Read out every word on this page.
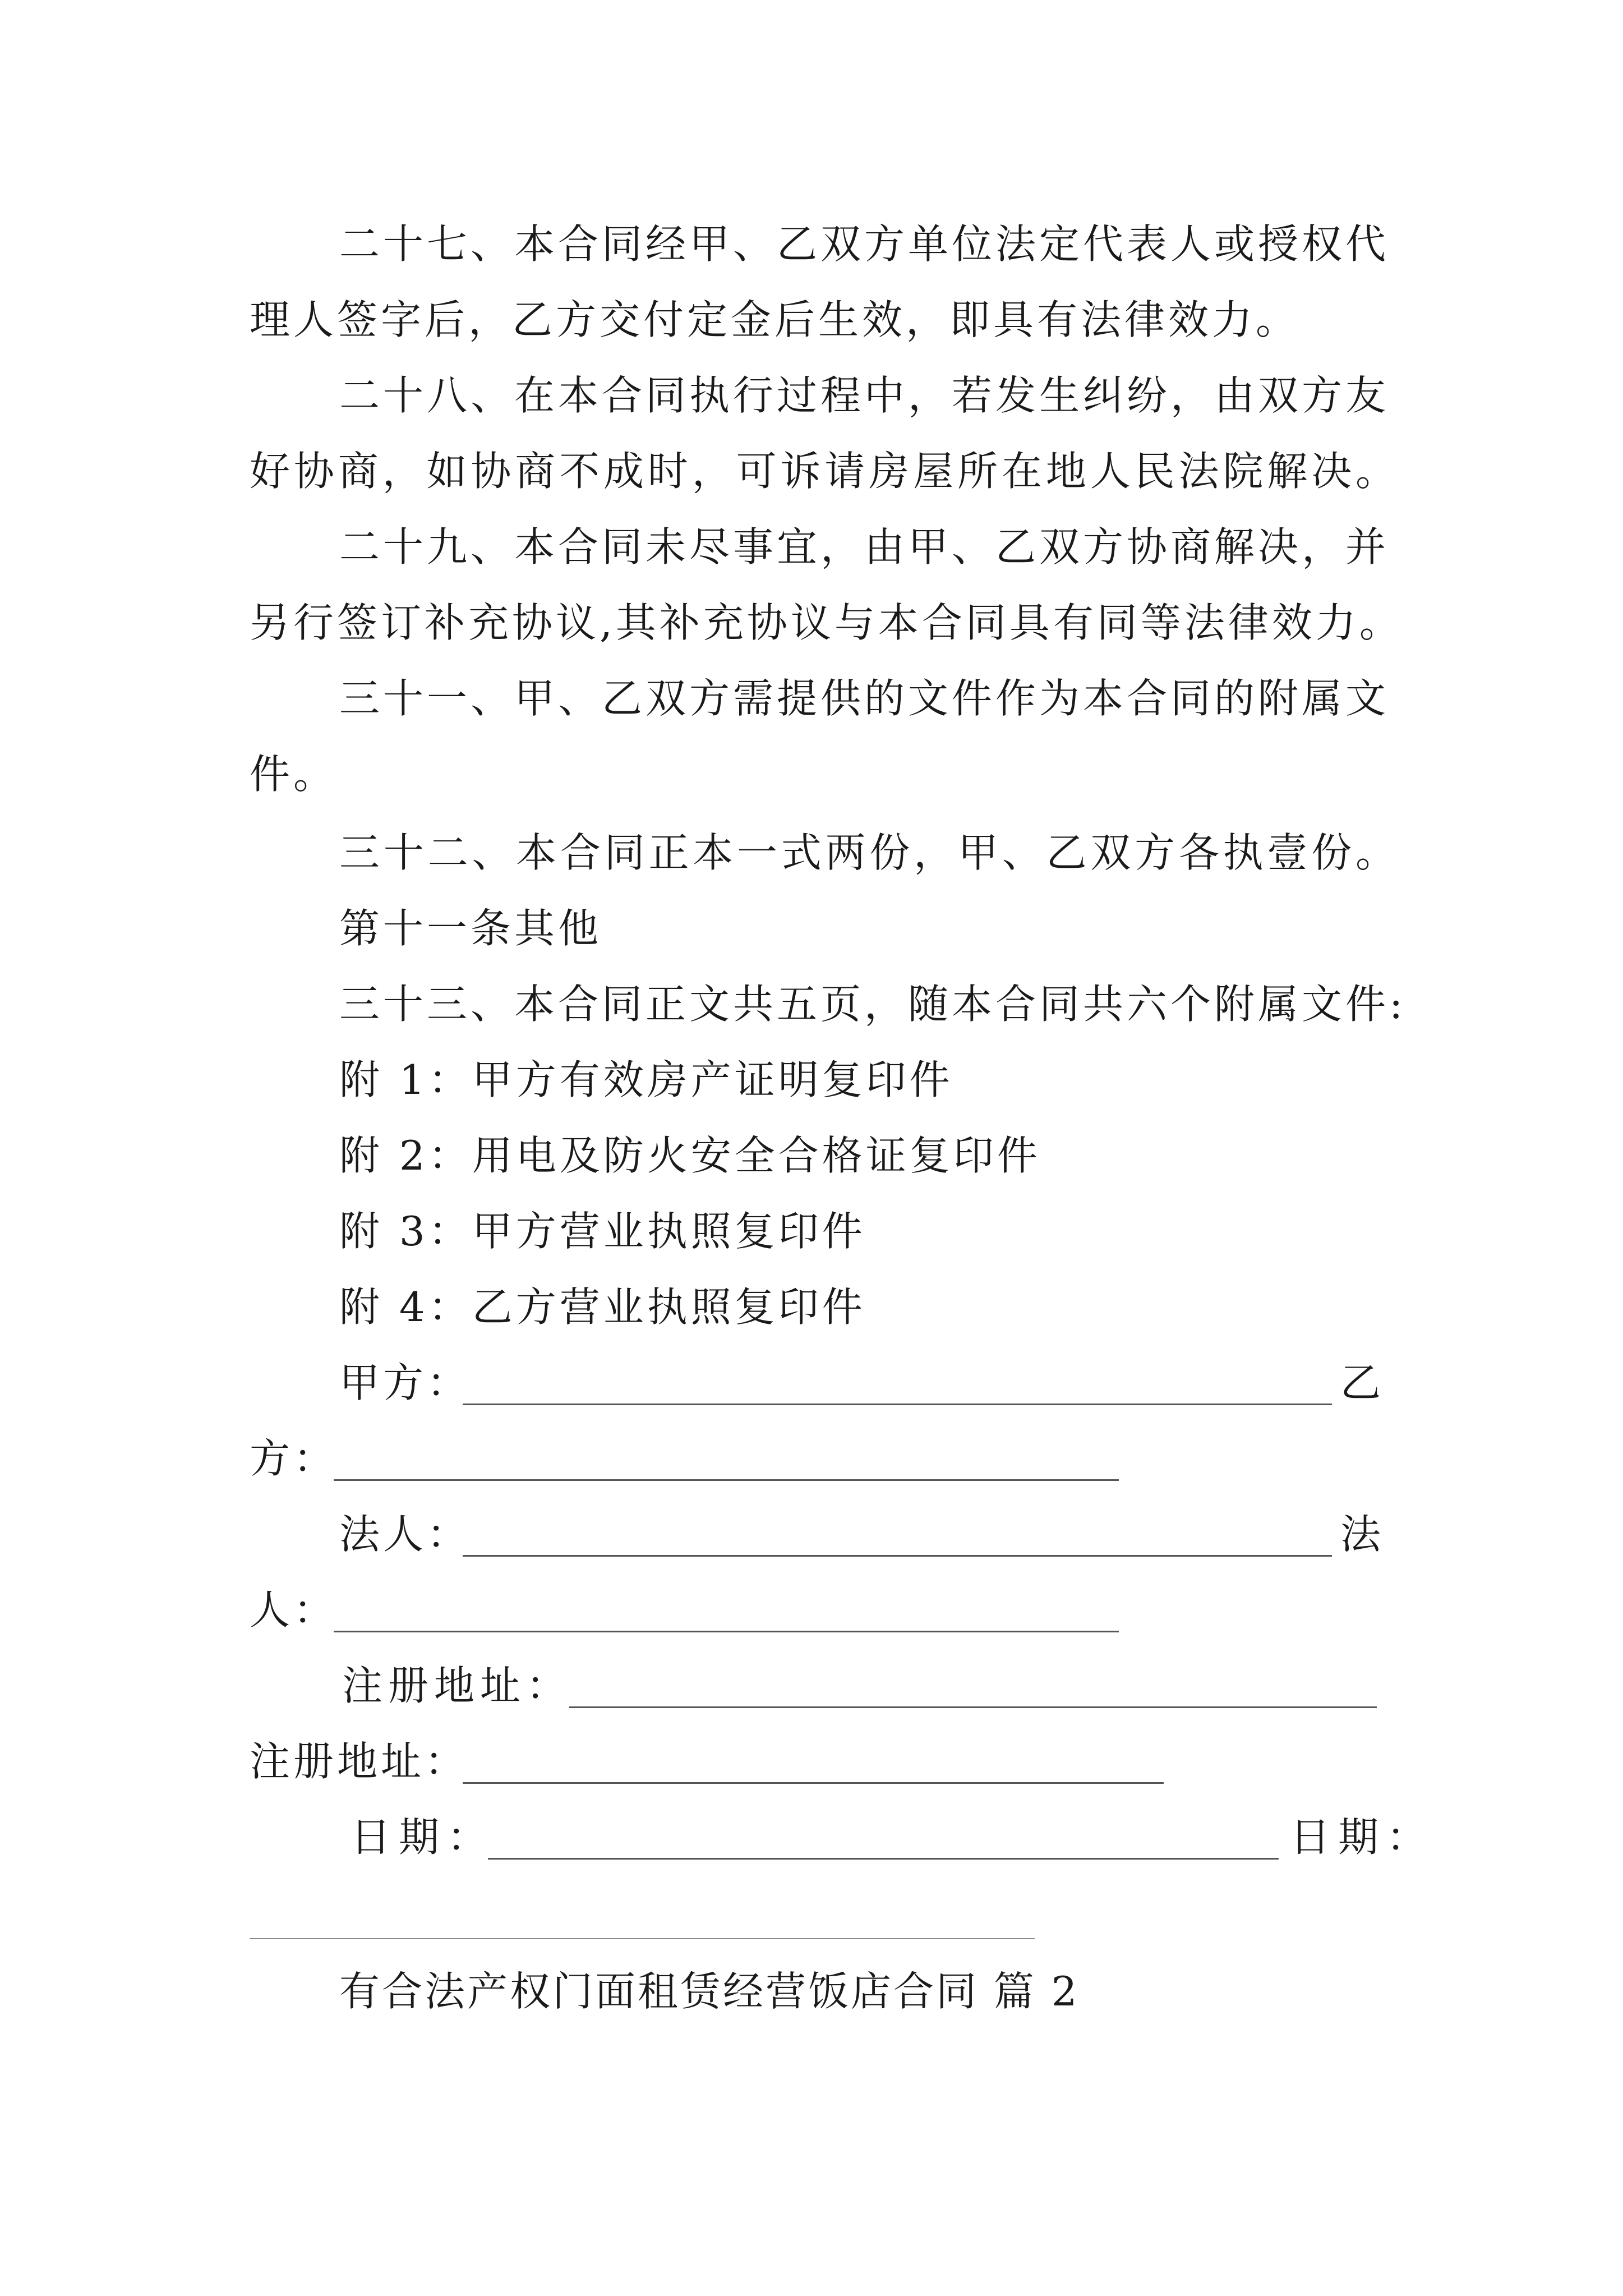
二十七、本合同经甲、乙双方单位法定代表人或授权代
理人签字后，乙方交付定金后生效，即具有法律效力。
二十八、在本合同执行过程中，若发生纠纷，由双方友
好协商，如协商不成时，可诉请房屋所在地人民法院解决。
二十九、本合同未尽事宜，由甲、乙双方协商解决，并
另行签订补充协议,其补充协议与本合同具有同等法律效力。
三十一、甲、乙双方需提供的文件作为本合同的附属文
件。
三十二、本合同正本一式两份，甲、乙双方各执壹份。
第十一条其他
三十三、本合同正文共五页，随本合同共六个附属文件:
附 1：甲方有效房产证明复印件
附 2：用电及防火安全合格证复印件
附 3：甲方营业执照复印件
附 4：乙方营业执照复印件
甲方：	乙
方：
法人：	法
人：
注册地址：
注册地址：
日期：	日期：
有合法产权门面租赁经营饭店合同 篇 2
